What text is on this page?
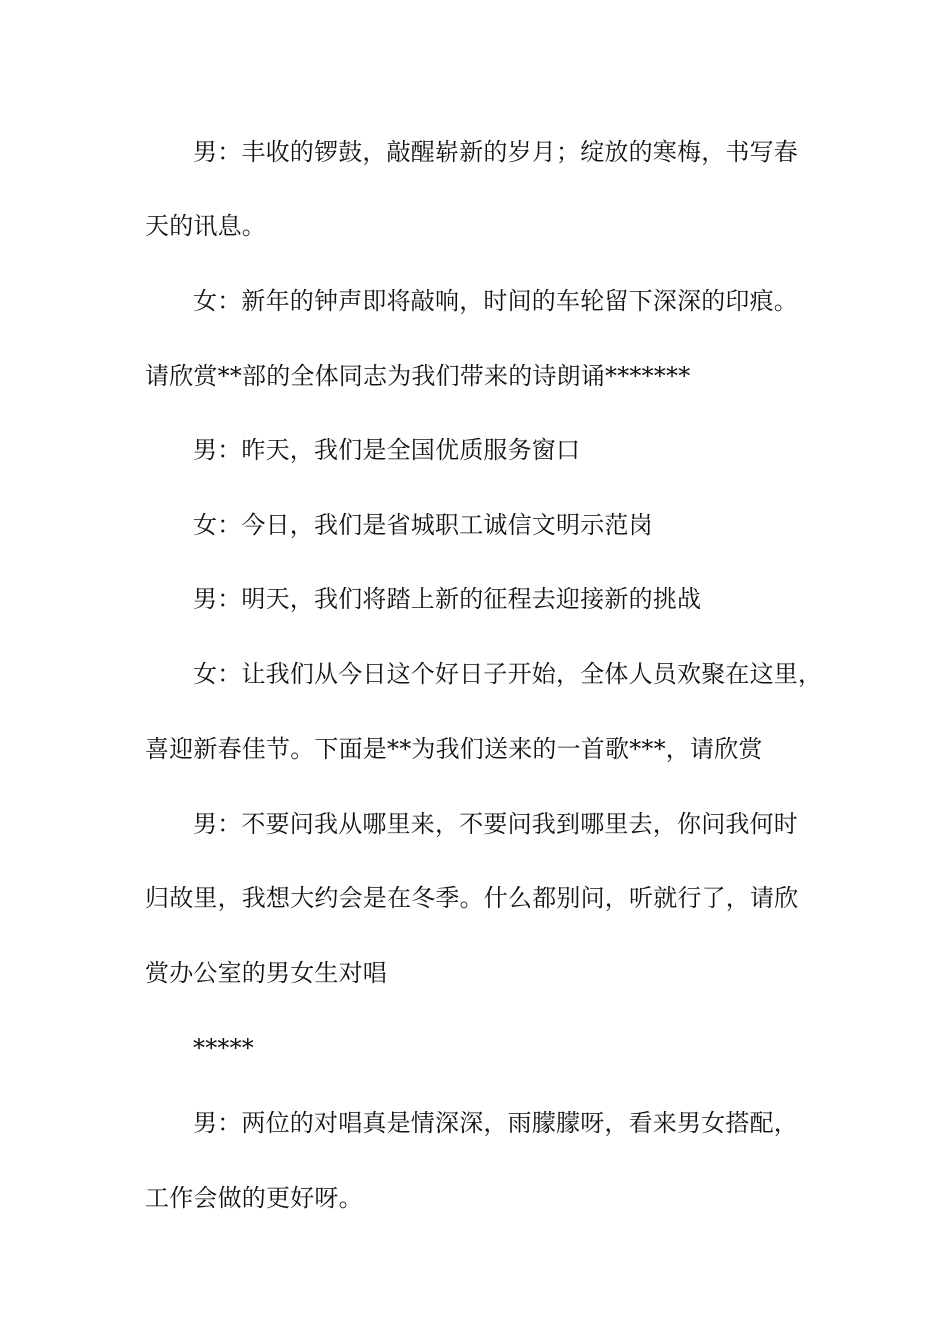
男：丰收的锣鼓，敲醒崭新的岁月；绽放的寒梅，书写春
天的讯息。
女：新年的钟声即将敲响，时间的车轮留下深深的印痕。
请欣赏**部的全体同志为我们带来的诗朗诵*******
男：昨天，我们是全国优质服务窗口
女：今日，我们是省城职工诚信文明示范岗
男：明天，我们将踏上新的征程去迎接新的挑战
女：让我们从今日这个好日子开始，全体人员欢聚在这里，
喜迎新春佳节。下面是**为我们送来的一首歌***，请欣赏
男：不要问我从哪里来，不要问我到哪里去，你问我何时
归故里，我想大约会是在冬季。什么都别问，听就行了，请欣
赏办公室的男女生对唱
*****
男：两位的对唱真是情深深，雨朦朦呀，看来男女搭配，
工作会做的更好呀。
